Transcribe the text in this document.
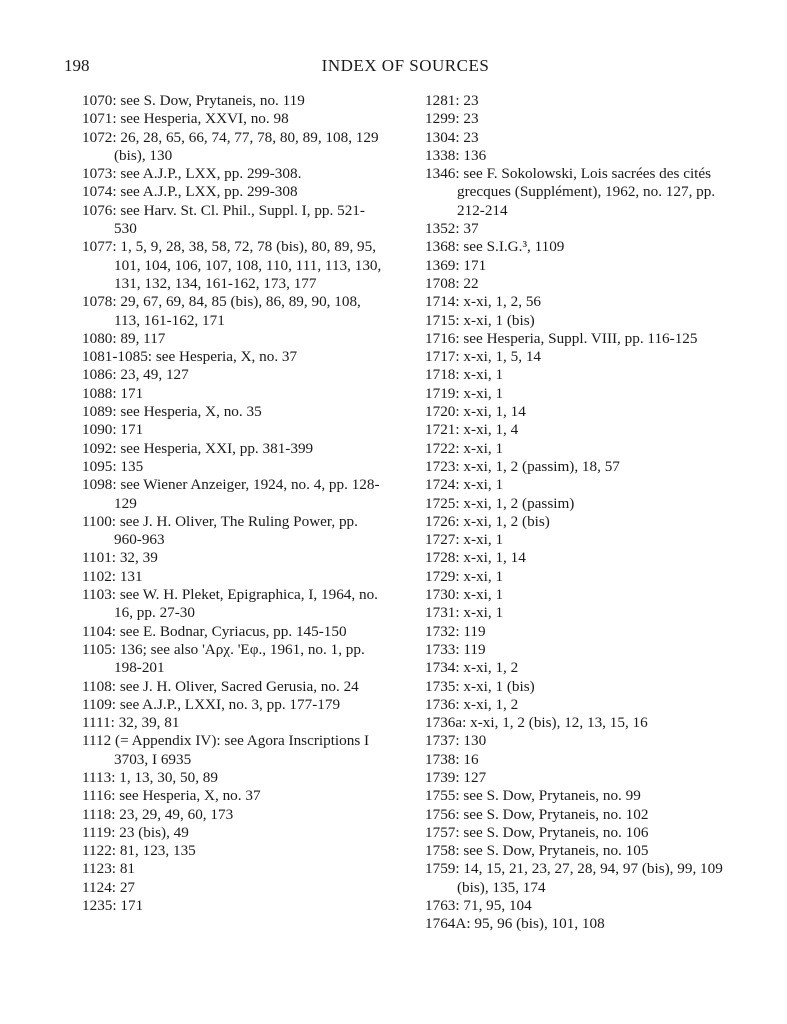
198	INDEX OF SOURCES
1070: see S. Dow, Prytaneis, no. 119
1071: see Hesperia, XXVI, no. 98
1072: 26, 28, 65, 66, 74, 77, 78, 80, 89, 108, 129 (bis), 130
1073: see A.J.P., LXX, pp. 299-308.
1074: see A.J.P., LXX, pp. 299-308
1076: see Harv. St. Cl. Phil., Suppl. I, pp. 521-530
1077: 1, 5, 9, 28, 38, 58, 72, 78 (bis), 80, 89, 95, 101, 104, 106, 107, 108, 110, 111, 113, 130, 131, 132, 134, 161-162, 173, 177
1078: 29, 67, 69, 84, 85 (bis), 86, 89, 90, 108, 113, 161-162, 171
1080: 89, 117
1081-1085: see Hesperia, X, no. 37
1086: 23, 49, 127
1088: 171
1089: see Hesperia, X, no. 35
1090: 171
1092: see Hesperia, XXI, pp. 381-399
1095: 135
1098: see Wiener Anzeiger, 1924, no. 4, pp. 128-129
1100: see J. H. Oliver, The Ruling Power, pp. 960-963
1101: 32, 39
1102: 131
1103: see W. H. Pleket, Epigraphica, I, 1964, no. 16, pp. 27-30
1104: see E. Bodnar, Cyriacus, pp. 145-150
1105: 136; see also 'Αρχ. 'Εφ., 1961, no. 1, pp. 198-201
1108: see J. H. Oliver, Sacred Gerusia, no. 24
1109: see A.J.P., LXXI, no. 3, pp. 177-179
1111: 32, 39, 81
1112 (= Appendix IV): see Agora Inscriptions I 3703, I 6935
1113: 1, 13, 30, 50, 89
1116: see Hesperia, X, no. 37
1118: 23, 29, 49, 60, 173
1119: 23 (bis), 49
1122: 81, 123, 135
1123: 81
1124: 27
1235: 171
1281: 23
1299: 23
1304: 23
1338: 136
1346: see F. Sokolowski, Lois sacrées des cités grecques (Supplément), 1962, no. 127, pp. 212-214
1352: 37
1368: see S.I.G.³, 1109
1369: 171
1708: 22
1714: x-xi, 1, 2, 56
1715: x-xi, 1 (bis)
1716: see Hesperia, Suppl. VIII, pp. 116-125
1717: x-xi, 1, 5, 14
1718: x-xi, 1
1719: x-xi, 1
1720: x-xi, 1, 14
1721: x-xi, 1, 4
1722: x-xi, 1
1723: x-xi, 1, 2 (passim), 18, 57
1724: x-xi, 1
1725: x-xi, 1, 2 (passim)
1726: x-xi, 1, 2 (bis)
1727: x-xi, 1
1728: x-xi, 1, 14
1729: x-xi, 1
1730: x-xi, 1
1731: x-xi, 1
1732: 119
1733: 119
1734: x-xi, 1, 2
1735: x-xi, 1 (bis)
1736: x-xi, 1, 2
1736a: x-xi, 1, 2 (bis), 12, 13, 15, 16
1737: 130
1738: 16
1739: 127
1755: see S. Dow, Prytaneis, no. 99
1756: see S. Dow, Prytaneis, no. 102
1757: see S. Dow, Prytaneis, no. 106
1758: see S. Dow, Prytaneis, no. 105
1759: 14, 15, 21, 23, 27, 28, 94, 97 (bis), 99, 109 (bis), 135, 174
1763: 71, 95, 104
1764A: 95, 96 (bis), 101, 108
